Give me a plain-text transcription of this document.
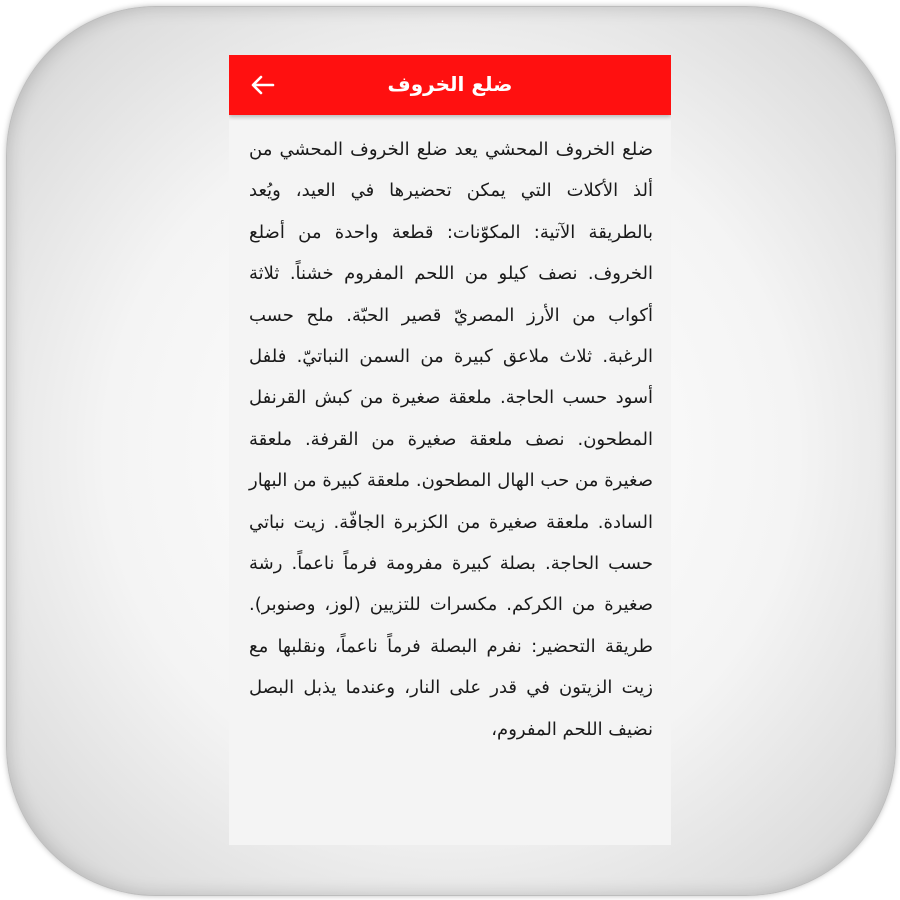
ضلع الخروف
ضلع الخروف المحشي يعد ضلع الخروف المحشي من ألذ الأكلات التي يمكن تحضيرها في العيد، ويُعد بالطريقة الآتية: المكوّنات: قطعة واحدة من أضلع الخروف. نصف كيلو من اللحم المفروم خشناً. ثلاثة أكواب من الأرز المصريّ قصير الحبّة. ملح حسب الرغبة. ثلاث ملاعق كبيرة من السمن النباتيّ. فلفل أسود حسب الحاجة. ملعقة صغيرة من كبش القرنفل المطحون. نصف ملعقة صغيرة من القرفة. ملعقة صغيرة من حب الهال المطحون. ملعقة كبيرة من البهار السادة. ملعقة صغيرة من الكزبرة الجافّة. زيت نباتي حسب الحاجة. بصلة كبيرة مفرومة فرماً ناعماً. رشة صغيرة من الكركم. مكسرات للتزيين (لوز، وصنوبر). طريقة التحضير: نفرم البصلة فرماً ناعماً، ونقلبها مع زيت الزيتون في قدر على النار، وعندما يذبل البصل نضيف اللحم المفروم،
